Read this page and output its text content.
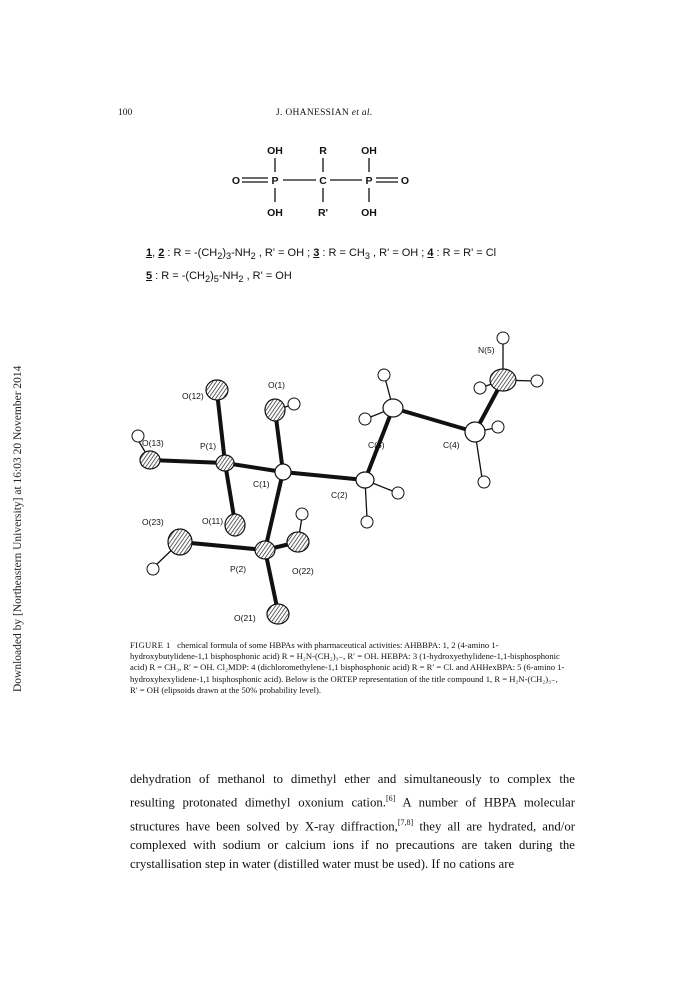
Downloaded by [Northeastern University] at 16:03 20 November 2014
100	J. OHANESSIAN et al.
OH	R	OH
O	P	C	P	O
OH	R'	OH
1, 2 : $R = -(CH_2)_3-NH_2$ , R' = OH ; 3 : $R = CH_3$ , R' = OH ; 4 : R = R' = Cl
5 : $R = -(CH_2)_5-NH_2$ , R' = OH
N(5)
O(12)
O(1)
C(3)	C(4)
O(13)	P(1)
C(1)
C(2)
O(23)	O(11)
P(2)	O(22)
O(21)
FIGURE 1 chemical formula of some HBPAs with pharmaceutical activities: AHBBPA: 1, 2 (4-amino 1-hydroxybutylidene-1,1 bisphosphonic acid) R = H₂N-(CH₂)₃₋, R′ = OH. HEBPA: 3 (1-hydroxyethylidene-1,1-bisphosphonic acid) R = CH₃, R′ = OH. Cl₂MDP: 4 (dichloromethylene-1,1 bisphosphonic acid) R = R′ = Cl. and AHHexBPA: 5 (6-amino 1-hydroxyhexylidene-1,1 bisphosphonic acid). Below is the ORTEP representation of the title compound 1, R = H₂N-(CH₂)₃₋, R′ = OH (elipsoids drawn at the 50% probability level).
dehydration of methanol to dimethyl ether and simultaneously to complex the resulting protonated dimethyl oxonium cation.[6] A number of HBPA molecular structures have been solved by X-ray diffraction,[7,8] they all are hydrated, and/or complexed with sodium or calcium ions if no precautions are taken during the crystallisation step in water (distilled water must be used). If no cations are
